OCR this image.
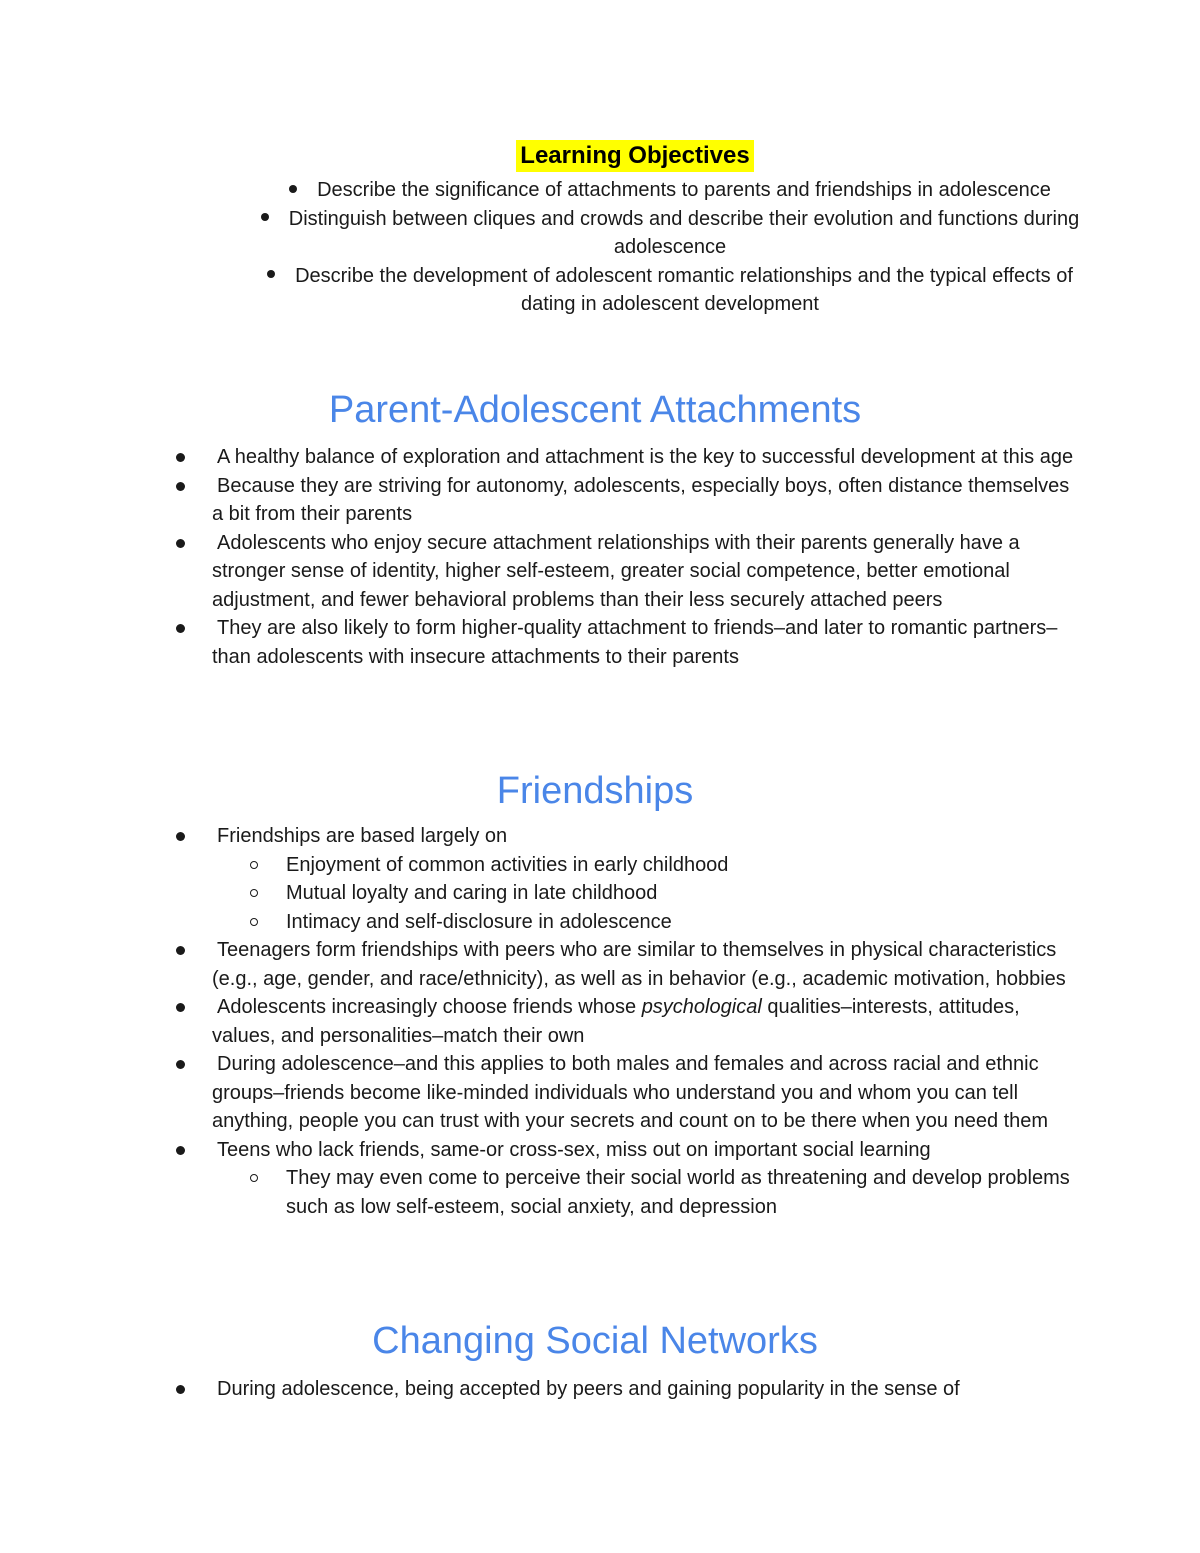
Learning Objectives
Describe the significance of attachments to parents and friendships in adolescence
Distinguish between cliques and crowds and describe their evolution and functions during adolescence
Describe the development of adolescent romantic relationships and the typical effects of dating in adolescent development
Parent-Adolescent Attachments
A healthy balance of exploration and attachment is the key to successful development at this age
Because they are striving for autonomy, adolescents, especially boys, often distance themselves a bit from their parents
Adolescents who enjoy secure attachment relationships with their parents generally have a stronger sense of identity, higher self-esteem, greater social competence, better emotional adjustment, and fewer behavioral problems than their less securely attached peers
They are also likely to form higher-quality attachment to friends–and later to romantic partners–than adolescents with insecure attachments to their parents
Friendships
Friendships are based largely on
Enjoyment of common activities in early childhood
Mutual loyalty and caring in late childhood
Intimacy and self-disclosure in adolescence
Teenagers form friendships with peers who are similar to themselves in physical characteristics (e.g., age, gender, and race/ethnicity), as well as in behavior (e.g., academic motivation, hobbies
Adolescents increasingly choose friends whose psychological qualities–interests, attitudes, values, and personalities–match their own
During adolescence–and this applies to both males and females and across racial and ethnic groups–friends become like-minded individuals who understand you and whom you can tell anything, people you can trust with your secrets and count on to be there when you need them
Teens who lack friends, same-or cross-sex, miss out on important social learning
They may even come to perceive their social world as threatening and develop problems such as low self-esteem, social anxiety, and depression
Changing Social Networks
During adolescence, being accepted by peers and gaining popularity in the sense of
